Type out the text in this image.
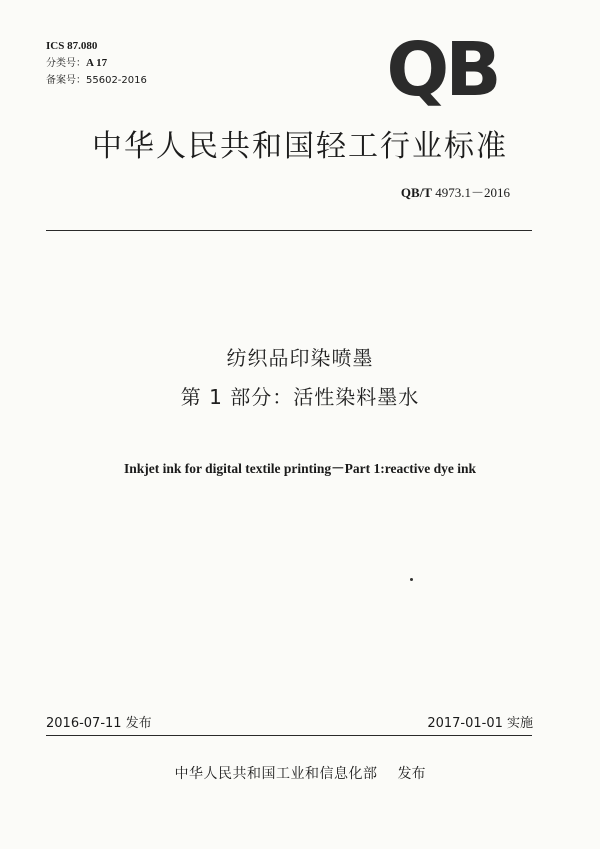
ICS 87.080
分类号：A 17
备案号：55602-2016	QB
中华人民共和国轻工行业标准
QB/T 4973.1－2016
纺织品印染喷墨
第 1 部分：活性染料墨水
Inkjet ink for digital textile printing－Part 1:reactive dye ink
2016-07-11 发布	2017-01-01 实施
中华人民共和国工业和信息化部 发布
